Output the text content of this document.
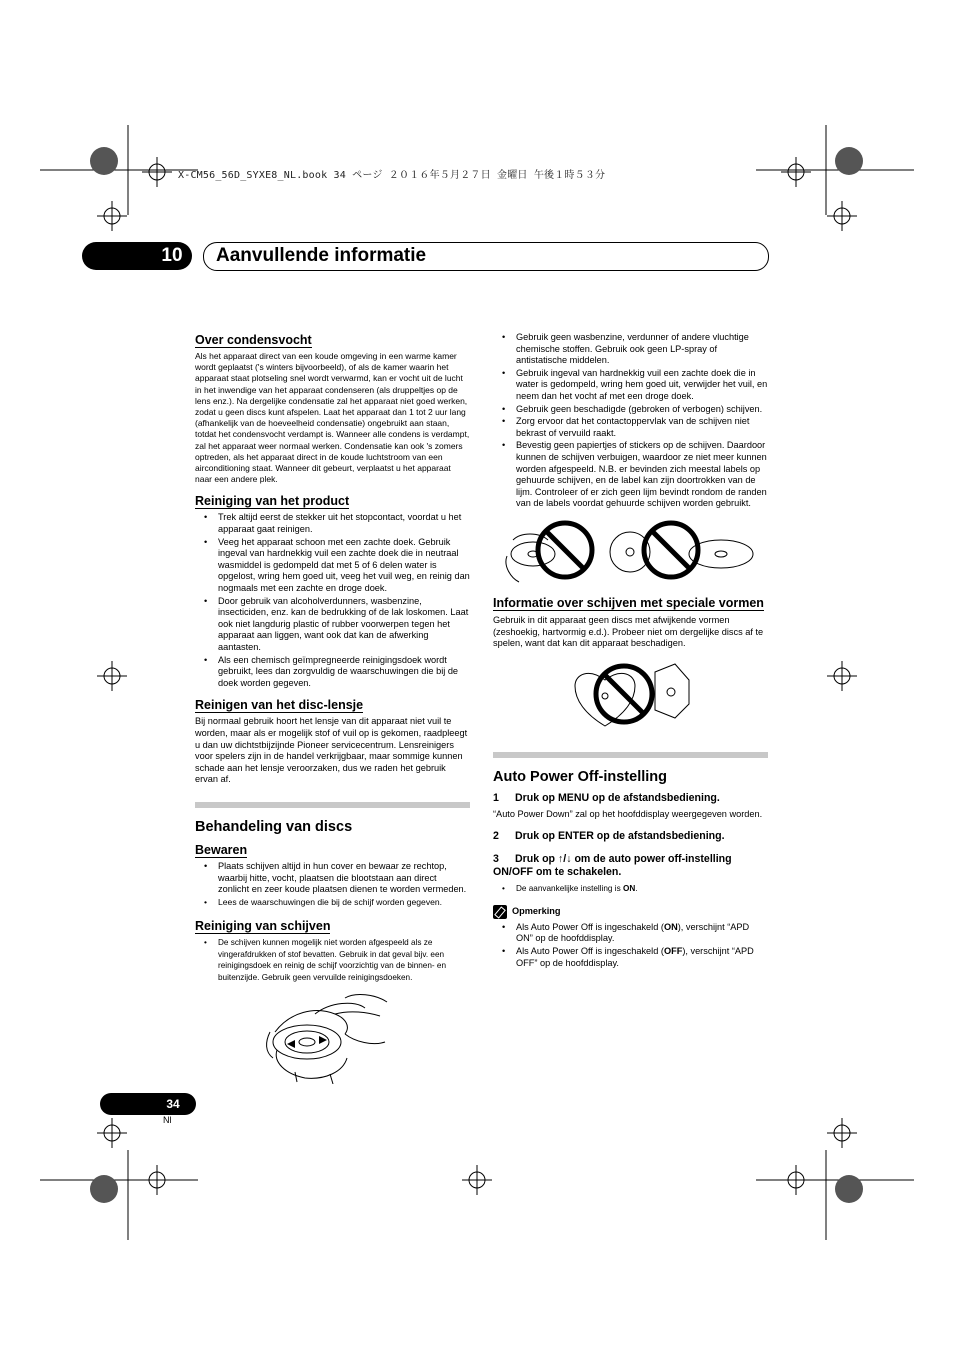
X-CM56_56D_SYXE8_NL.book 34 ページ ２０１６年５月２７日 金曜日 午後１時５３分
10	Aanvullende informatie
Over condensvocht

Als het apparaat direct van een koude omgeving in een warme kamer wordt geplaatst ('s winters bijvoorbeeld), of als de kamer waarin het apparaat staat plotseling snel wordt verwarmd, kan er vocht uit de lucht in het inwendige van het apparaat condenseren (als druppeltjes op de lens enz.). Na dergelijke condensatie zal het apparaat niet goed werken, zodat u geen discs kunt afspelen. Laat het apparaat dan 1 tot 2 uur lang (afhankelijk van de hoeveelheid condensatie) ongebruikt aan staan, totdat het condensvocht verdampt is. Wanneer alle condens is verdampt, zal het apparaat weer normaal werken. Condensatie kan ook 's zomers optreden, als het apparaat direct in de koude luchtstroom van een airconditioning staat. Wanneer dit gebeurt, verplaatst u het apparaat naar een andere plek.

Reiniging van het product
• Trek altijd eerst de stekker uit het stopcontact, voordat u het apparaat gaat reinigen.
• Veeg het apparaat schoon met een zachte doek. Gebruik ingeval van hardnekkig vuil een zachte doek die in neutraal wasmiddel is gedompeld dat met 5 of 6 delen water is opgelost, wring hem goed uit, veeg het vuil weg, en reinig dan nogmaals met een zachte en droge doek.
• Door gebruik van alcoholverdunners, wasbenzine, insecticiden, enz. kan de bedrukking of de lak loskomen. Laat ook niet langdurig plastic of rubber voorwerpen tegen het apparaat aan liggen, want ook dat kan de afwerking aantasten.
• Als een chemisch geïmpregneerde reinigingsdoek wordt gebruikt, lees dan zorgvuldig de waarschuwingen die bij de doek worden gegeven.
Reinigen van het disc-lensje

Bij normaal gebruik hoort het lensje van dit apparaat niet vuil te worden, maar als er mogelijk stof of vuil op is gekomen, raadpleegt u dan uw dichtstbijzijnde Pioneer servicecentrum. Lensreinigers voor spelers zijn in de handel verkrijgbaar, maar sommige kunnen schade aan het lensje veroorzaken, dus we raden het gebruik ervan af.

Behandeling van discs
Bewaren
• Plaats schijven altijd in hun cover en bewaar ze rechtop, waarbij hitte, vocht, plaatsen die blootstaan aan direct zonlicht en zeer koude plaatsen dienen te worden vermeden.
• Lees de waarschuwingen die bij de schijf worden gegeven.
Reiniging van schijven
• De schijven kunnen mogelijk niet worden afgespeeld als ze vingerafdrukken of stof bevatten. Gebruik in dat geval bijv. een reinigingsdoek en reinig de schijf voorzichtig van de binnen- en buitenzijde. Gebruik geen vervuilde reinigingsdoeken.
• Gebruik geen wasbenzine, verdunner of andere vluchtige chemische stoffen. Gebruik ook geen LP-spray of antistatische middelen.
• Gebruik ingeval van hardnekkig vuil een zachte doek die in water is gedompeld, wring hem goed uit, verwijder het vuil, en neem dan het vocht af met een droge doek.
• Gebruik geen beschadigde (gebroken of verbogen) schijven.
• Zorg ervoor dat het contactoppervlak van de schijven niet bekrast of vervuild raakt.
• Bevestig geen papiertjes of stickers op de schijven. Daardoor kunnen de schijven verbuigen, waardoor ze niet meer kunnen worden afgespeeld. N.B. er bevinden zich meestal labels op gehuurde schijven, en de label kan zijn doortrokken van de lijm. Controleer of er zich geen lijm bevindt rondom de randen van de labels voordat gehuurde schijven worden gebruikt.
Informatie over schijven met speciale vormen

Gebruik in dit apparaat geen discs met afwijkende vormen (zeshoekig, hartvormig e.d.). Probeer niet om dergelijke discs af te spelen, want dat kan dit apparaat beschadigen.

Auto Power Off-instelling
1 Druk op MENU op de afstandsbediening.

“Auto Power Down” zal op het hoofddisplay weergegeven worden.

2 Druk op ENTER op de afstandsbediening.
3 Druk op ↑/↓ om de auto power off-instelling ON/OFF om te schakelen.
• De aanvankelijke instelling is ON.
Opmerking
• Als Auto Power Off is ingeschakeld (ON), verschijnt “APD ON” op de hoofddisplay.
• Als Auto Power Off is ingeschakeld (OFF), verschijnt “APD OFF” op de hoofddisplay.
34
Nl
